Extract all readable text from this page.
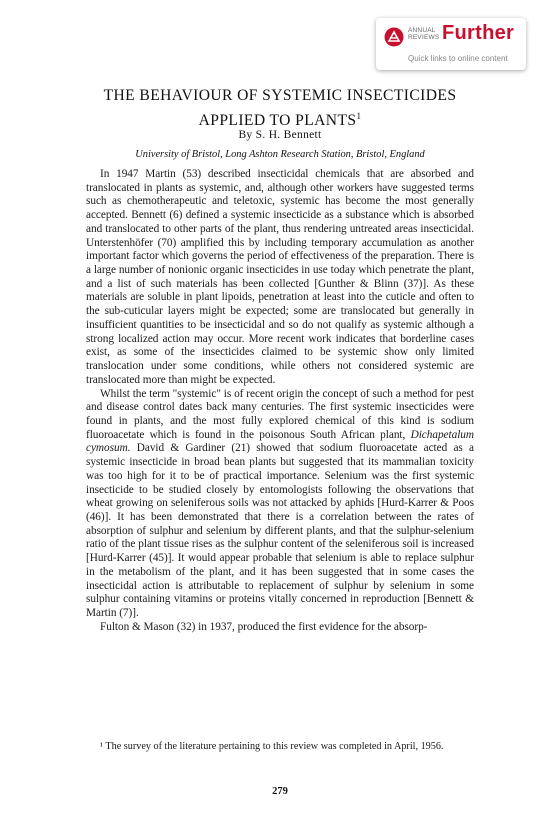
ANNUAL
REVIEWS Further
Quick links to online content
THE BEHAVIOUR OF SYSTEMIC INSECTICIDES
APPLIED TO PLANTS$^1$
By S. H. Bennett
University of Bristol, Long Ashton Research Station, Bristol, England

In 1947 Martin (53) described insecticidal chemicals that are absorbed and translocated in plants as systemic, and, although other workers have suggested terms such as chemotherapeutic and teletoxic, systemic has become the most generally accepted. Bennett (6) defined a systemic insecticide as a substance which is absorbed and translocated to other parts of the plant, thus rendering untreated areas insecticidal. Unterstenhöfer (70) amplified this by including temporary accumulation as another important factor which governs the period of effectiveness of the preparation. There is a large number of nonionic organic insecticides in use today which penetrate the plant, and a list of such materials has been collected [Gunther & Blinn (37)]. As these materials are soluble in plant lipoids, penetration at least into the cuticle and often to the sub-cuticular layers might be expected; some are translocated but generally in insufficient quantities to be insecticidal and so do not qualify as systemic although a strong localized action may occur. More recent work indicates that borderline cases exist, as some of the insecticides claimed to be systemic show only limited translocation under some conditions, while others not considered systemic are translocated more than might be expected.

Whilst the term "systemic" is of recent origin the concept of such a method for pest and disease control dates back many centuries. The first systemic insecticides were found in plants, and the most fully explored chemical of this kind is sodium fluoroacetate which is found in the poisonous South African plant, Dichapetalum cymosum. David & Gardiner (21) showed that sodium fluoroacetate acted as a systemic insecticide in broad bean plants but suggested that its mammalian toxicity was too high for it to be of practical importance. Selenium was the first systemic insecticide to be studied closely by entomologists following the observations that wheat growing on seleniferous soils was not attacked by aphids [Hurd-Karrer & Poos (46)]. It has been demonstrated that there is a correlation between the rates of absorption of sulphur and selenium by different plants, and that the sulphur-selenium ratio of the plant tissue rises as the sulphur content of the seleniferous soil is increased [Hurd-Karrer (45)]. It would appear probable that selenium is able to replace sulphur in the metabolism of the plant, and it has been suggested that in some cases the insecticidal action is attributable to replacement of sulphur by selenium in some sulphur containing vitamins or proteins vitally concerned in reproduction [Bennett & Martin (7)].

Fulton & Mason (32) in 1937, produced the first evidence for the absorp-

¹ The survey of the literature pertaining to this review was completed in April, 1956.

279
